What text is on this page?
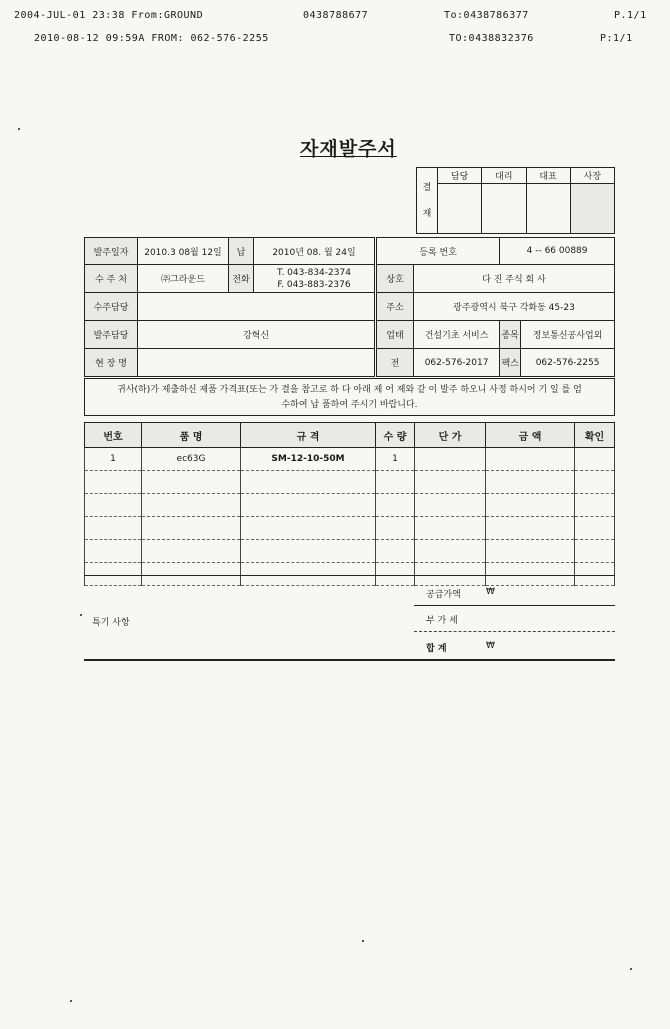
2004-JUL-01 23:38 From:GROUND	0438788677	To:0438786377	P.1/1
2010-08-12 09:59A FROM: 062-576-2255	TO:0438832376	P:1/1
자재발주서
결
재	담당	대리	대표	사장

발주일자	2010.3 08월 12일	납	2010년 08. 월 24일
수 주 처	㈜그라운드	전화	T. 043-834-2374
F. 043-883-2376
수주담당			
발주담당	강혁신		
현 장 명			
등록 번호		4 -- 66 00889	
상호	다 진 주식 회 사		
주소	광주광역시 북구 각화동 45-23		
업태	건설기초 서비스	종목	정보통신공사업외
전	062-576-2017	팩스	062-576-2255
귀사(하)가 제출하신 제품 가격표(또는 가 결을 참고로 하 다 아래 제 어 제와 같 이 발주 하오니 사정 하시어 기 일 를 엄
수하여 납 품하여 주시기 바랍니다.
번호	품 명	규 격	수 량	단 가	금 액	확인
1	ec63G	SM-12-10-50M	1			

공급가액	₩
부 가 세
합 계	₩
특기 사항
